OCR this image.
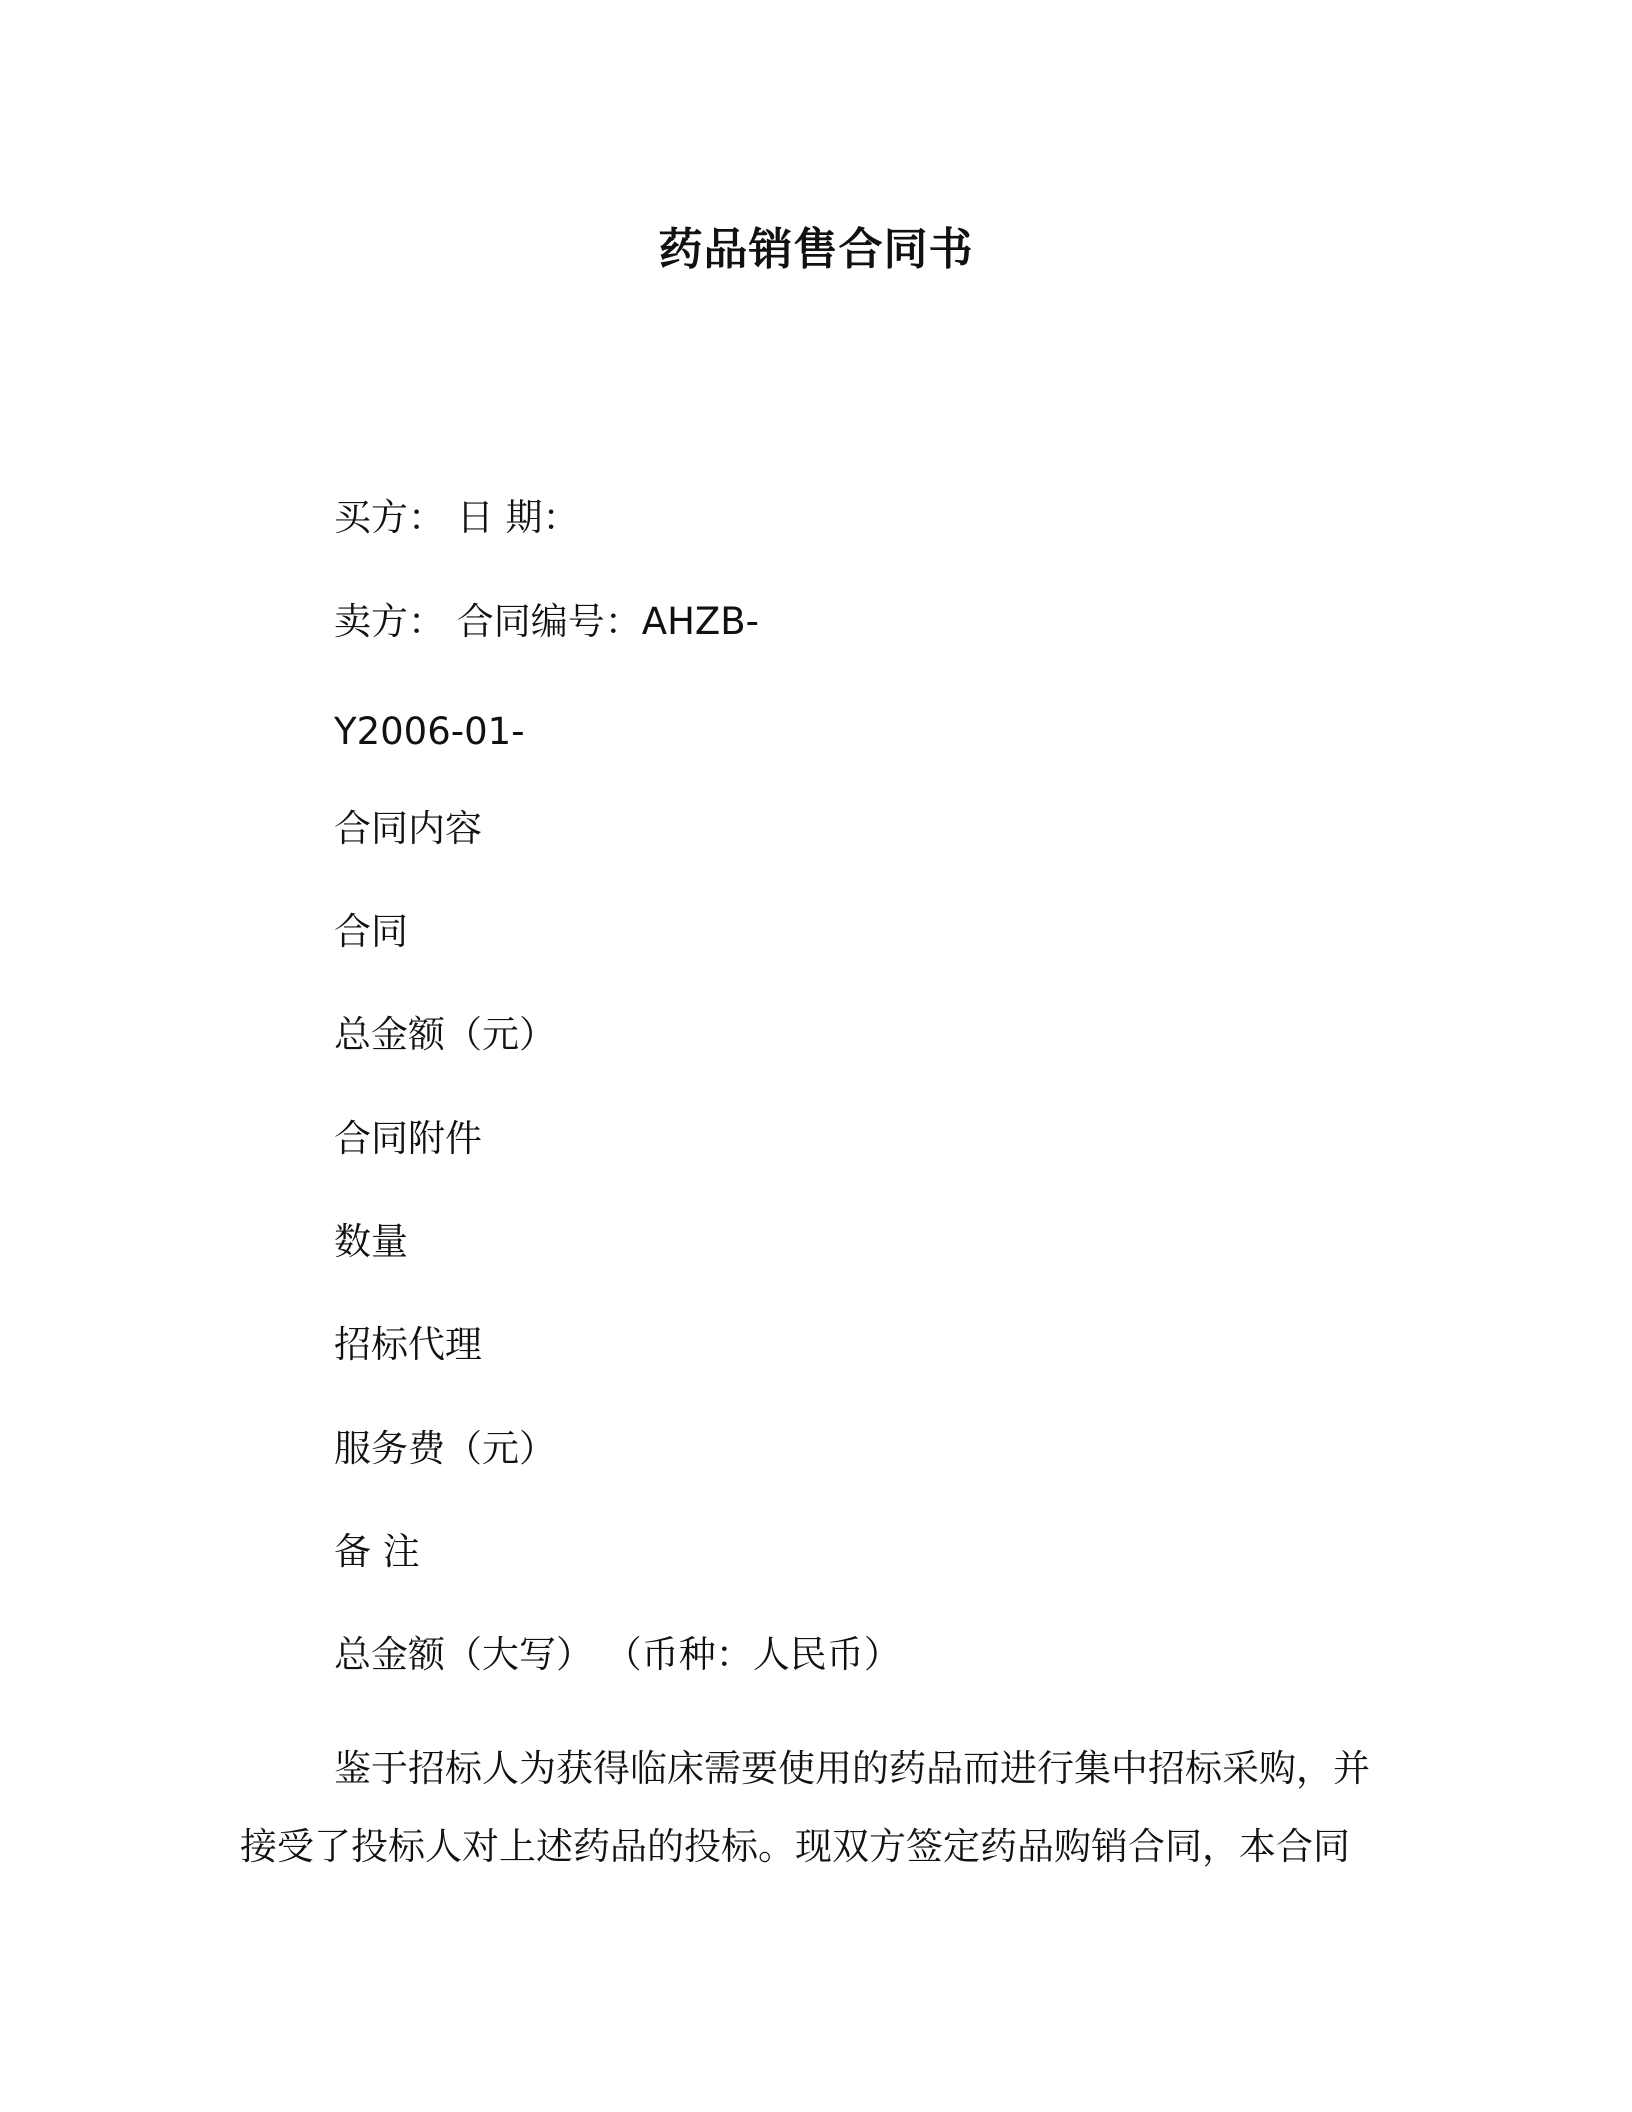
药品销售合同书

买方： 日 期：

卖方： 合同编号：AHZB-

Y2006-01-

合同内容

合同

总金额（元）

合同附件

数量

招标代理

服务费（元）

备 注

总金额（大写） （币种：人民币）

鉴于招标人为获得临床需要使用的药品而进行集中招标采购，并
接受了投标人对上述药品的投标。现双方签定药品购销合同，本合同
